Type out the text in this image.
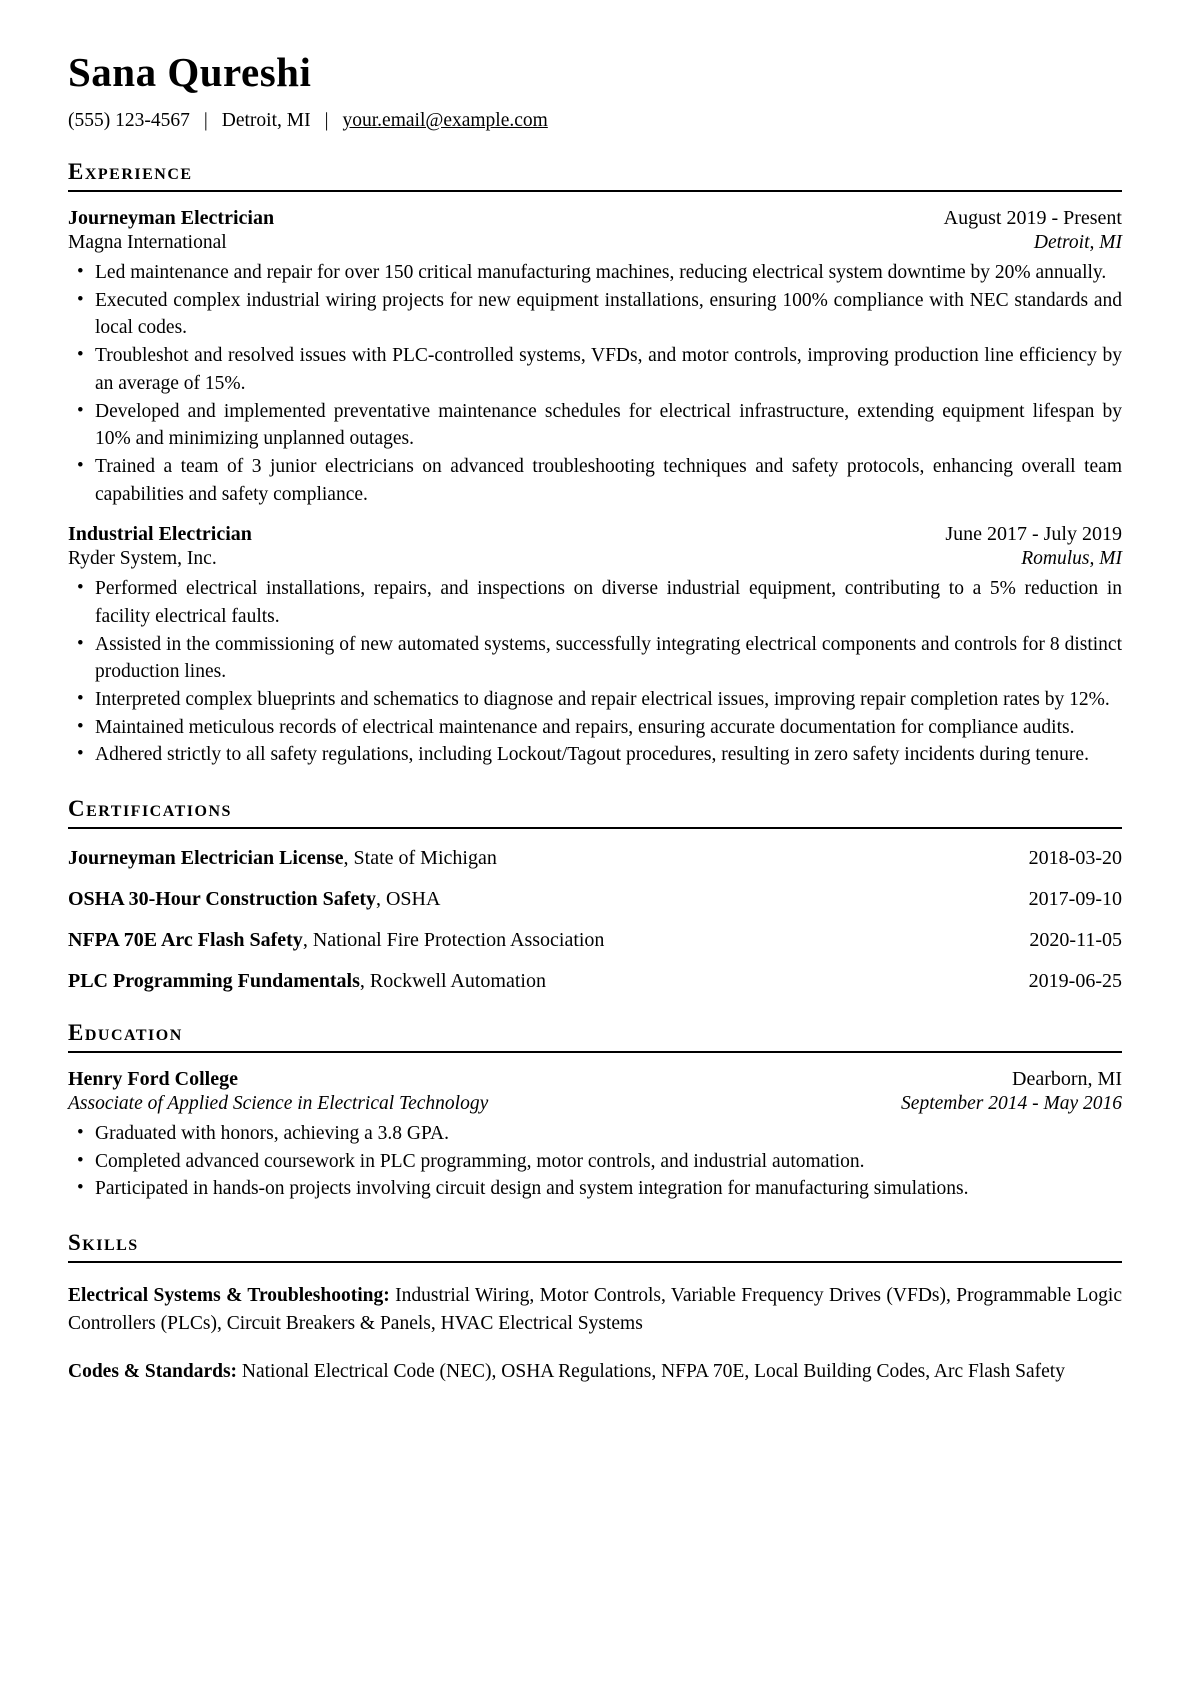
Sana Qureshi
(555) 123-4567 | Detroit, MI | your.email@example.com
Experience
Journeyman Electrician	August 2019 - Present
Magna International	Detroit, MI
• Led maintenance and repair for over 150 critical manufacturing machines, reducing electrical system downtime by 20% annually.
• Executed complex industrial wiring projects for new equipment installations, ensuring 100% compliance with NEC standards and local codes.
• Troubleshot and resolved issues with PLC-controlled systems, VFDs, and motor controls, improving production line efficiency by an average of 15%.
• Developed and implemented preventative maintenance schedules for electrical infrastructure, extending equipment lifespan by 10% and minimizing unplanned outages.
• Trained a team of 3 junior electricians on advanced troubleshooting techniques and safety protocols, enhancing overall team capabilities and safety compliance.
Industrial Electrician	June 2017 - July 2019
Ryder System, Inc.	Romulus, MI
• Performed electrical installations, repairs, and inspections on diverse industrial equipment, contributing to a 5% reduction in facility electrical faults.
• Assisted in the commissioning of new automated systems, successfully integrating electrical components and controls for 8 distinct production lines.
• Interpreted complex blueprints and schematics to diagnose and repair electrical issues, improving repair completion rates by 12%.
• Maintained meticulous records of electrical maintenance and repairs, ensuring accurate documentation for compliance audits.
• Adhered strictly to all safety regulations, including Lockout/Tagout procedures, resulting in zero safety incidents during tenure.
Certifications
Journeyman Electrician License, State of Michigan	2018-03-20
OSHA 30-Hour Construction Safety, OSHA	2017-09-10
NFPA 70E Arc Flash Safety, National Fire Protection Association	2020-11-05
PLC Programming Fundamentals, Rockwell Automation	2019-06-25
Education
Henry Ford College	Dearborn, MI
Associate of Applied Science in Electrical Technology	September 2014 - May 2016
• Graduated with honors, achieving a 3.8 GPA.
• Completed advanced coursework in PLC programming, motor controls, and industrial automation.
• Participated in hands-on projects involving circuit design and system integration for manufacturing simulations.
Skills
Electrical Systems & Troubleshooting: Industrial Wiring, Motor Controls, Variable Frequency Drives (VFDs), Programmable Logic Controllers (PLCs), Circuit Breakers & Panels, HVAC Electrical Systems
Codes & Standards: National Electrical Code (NEC), OSHA Regulations, NFPA 70E, Local Building Codes, Arc Flash Safety
